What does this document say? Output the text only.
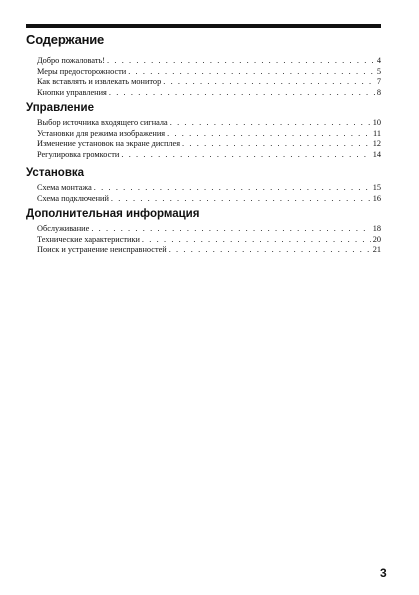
Содержание
Добро пожаловать! . . .	4
Меры предосторожности . . .	5
Как вставлять и извлекать монитор . . .	7
Кнопки управления . . .	8
Управление
Выбор источника входящего сигнала . . .	10
Установки для режима изображения . . .	11
Изменение установок на экране дисплея . . .	12
Регулировка громкости . . .	14
Установка
Схема монтажа . . .	15
Схема подключений . . .	16
Дополнительная информация
Обслуживание . . .	18
Технические характеристики . . .	20
Поиск и устранение неисправностей . . .	21
3
